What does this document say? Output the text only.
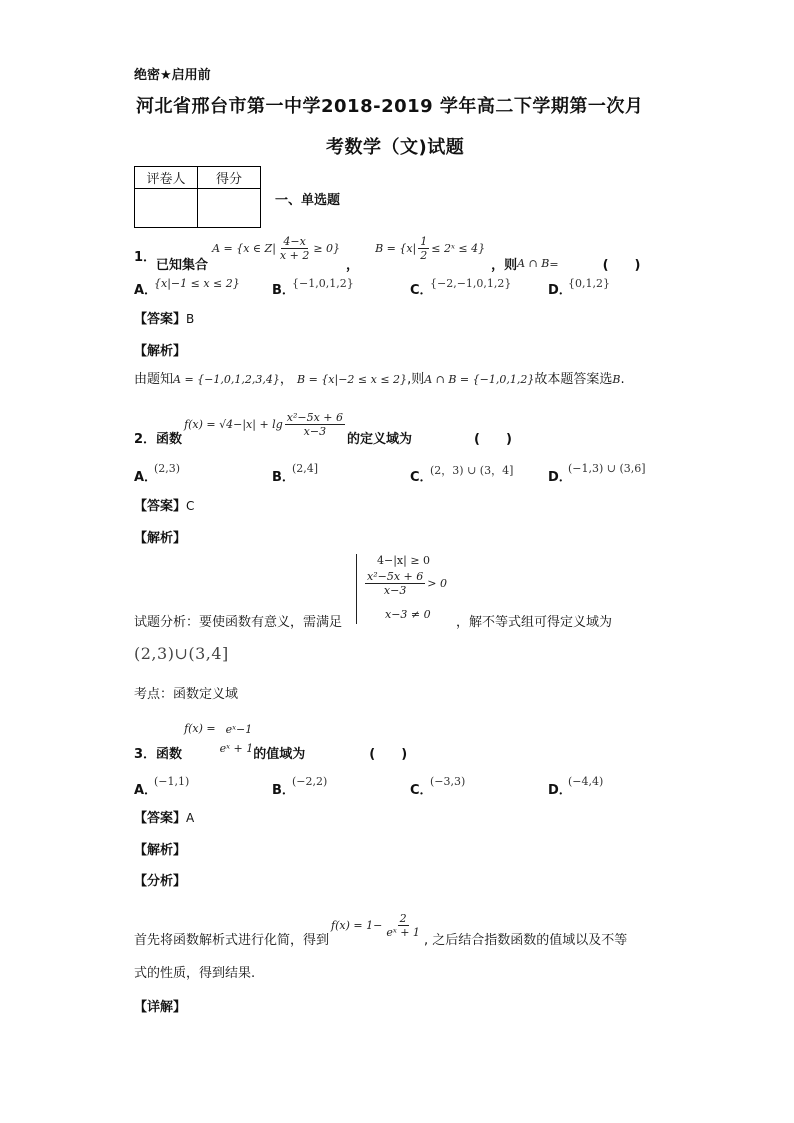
绝密★启用前
河北省邢台市第一中学2018-2019 学年高二下学期第一次月
考数学（文)试题
评卷人	得分

一、单选题
1．
已知集合
A = {x ∈ $Z| \frac{4-x}{x + 2} \ge 0$}
，
$B = \{x| \frac{1}{2}$ ≤ 2ˣ ≤ 4}
，则 A ∩ B =	(　　)
A．
{x|−1 ≤ x ≤ 2} B．
{−1,0,1,2}	C．
{−2,−1,0,1,2}	D．
{0,1,2}
【答案】B
【解析】
由题知A = {−1,0,1,2,3,4}， B = {x|−2 ≤ x ≤ 2},则A ∩ B = {−1,0,1,2}故本题答案选B.
2． 函数
$f(x) = √4-|x| + \lg \frac{\text{x²−5x + 6}}{x-3}$
的定义域为	(　　)
A．
(2,3)
B．
(2,4]
C．
(2，3) ∪ (3，4]	D．
(−1,3) ∪ (3,6]
【答案】C
【解析】
试题分析：要使函数有意义，需满足
4−|x| ≥ 0
$\frac{\text{x²−5x + 6}}{x-3} > 0$
x−3 ≠ 0
，解不等式组可得定义域为
(2,3)∪(3,4]
考点：函数定义域
3． 函数
f(x) = eˣ−1
eˣ + 1 的值域为	(　　)
A．
(−1,1)
B．
(−2,2)
C．
(−3,3)
D．
(−4,4)
【答案】A
【解析】
【分析】
首先将函数解析式进行化简，得到
$f(x) = 1- \frac{2}{\text{eˣ + 1}}$
, 之后结合指数函数的值域以及不等
式的性质，得到结果.
【详解】
